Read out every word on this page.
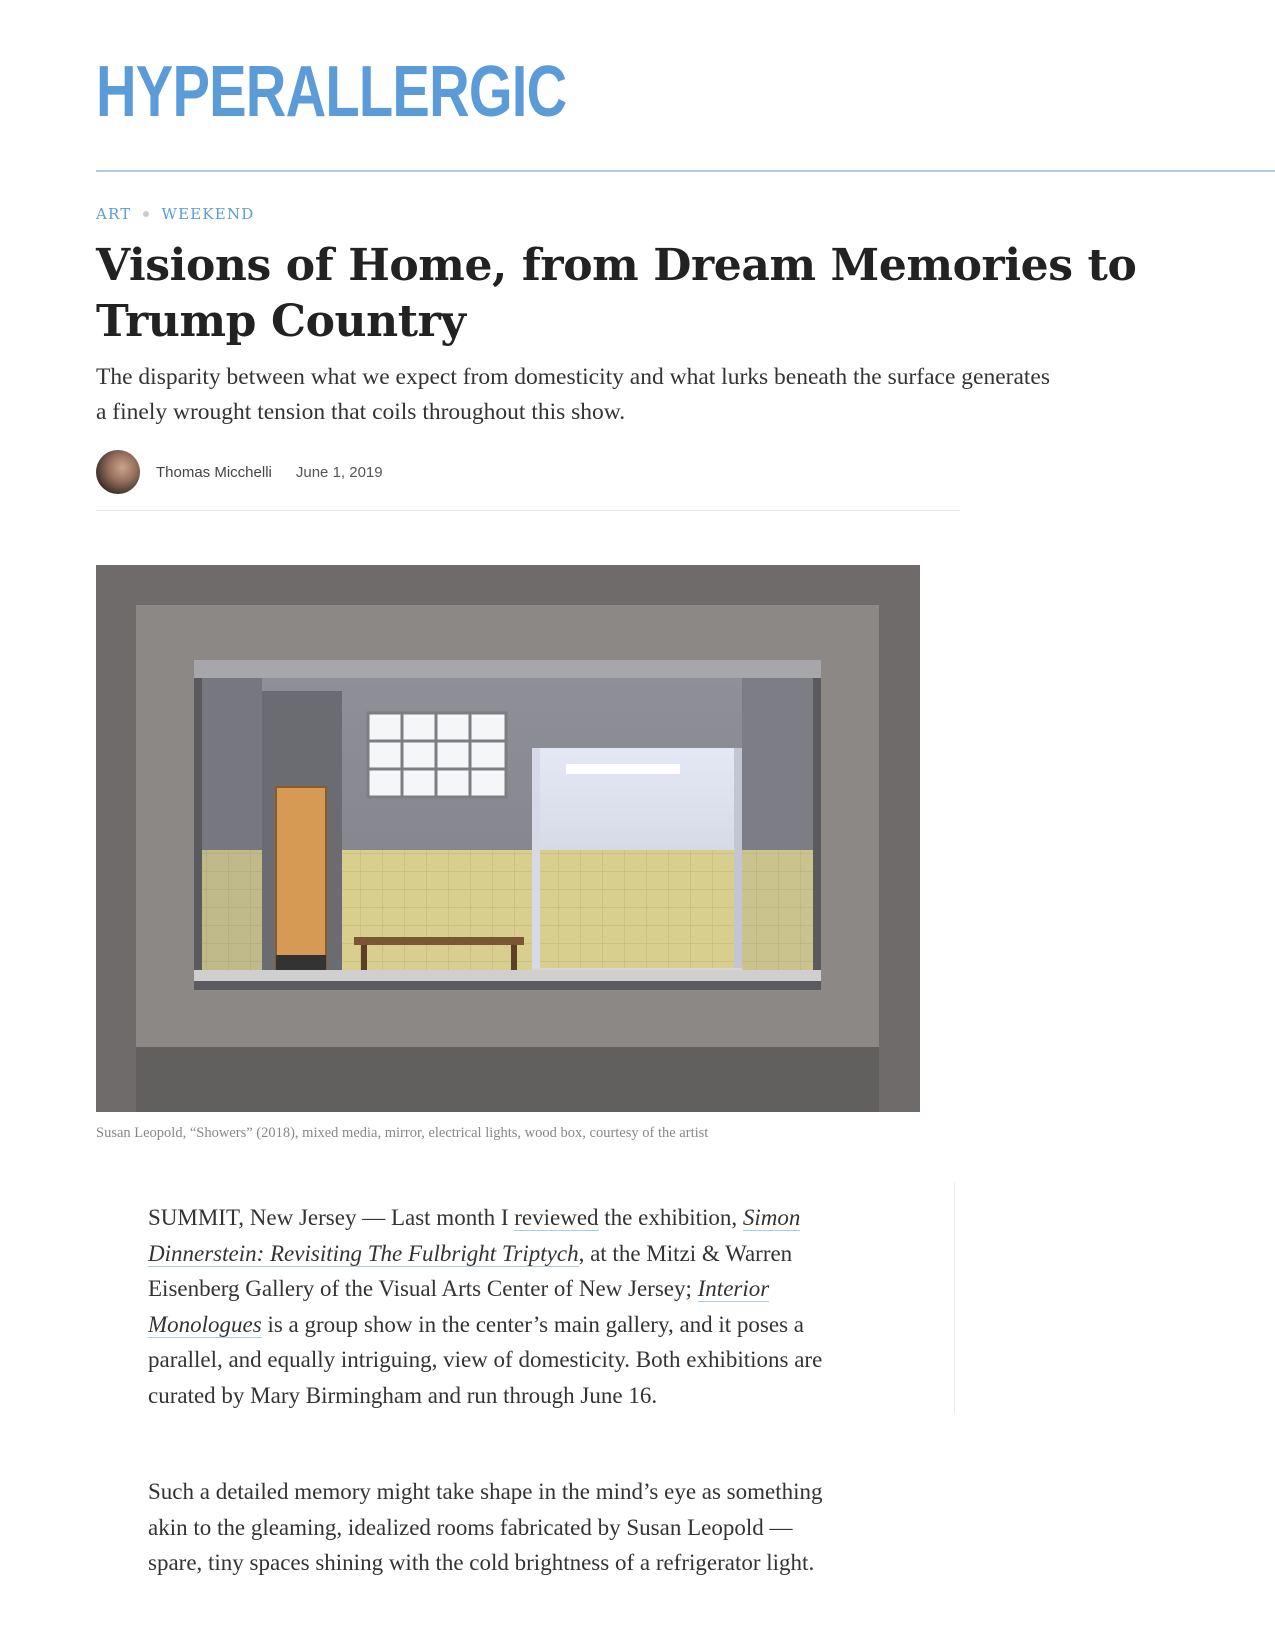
HYPERALLERGIC
ART WEEKEND
Visions of Home, from Dream Memories to Trump Country

The disparity between what we expect from domesticity and what lurks beneath the surface generates a finely wrought tension that coils throughout this show.

Thomas Micchelli June 1, 2019
Susan Leopold, “Showers” (2018), mixed media, mirror, electrical lights, wood box, courtesy of the artist

SUMMIT, New Jersey — Last month I reviewed the exhibition, Simon Dinnerstein: Revisiting The Fulbright Triptych, at the Mitzi & Warren Eisenberg Gallery of the Visual Arts Center of New Jersey; Interior Monologues is a group show in the center’s main gallery, and it poses a parallel, and equally intriguing, view of domesticity. Both exhibitions are curated by Mary Birmingham and run through June 16.

Such a detailed memory might take shape in the mind’s eye as something akin to the gleaming, idealized rooms fabricated by Susan Leopold — spare, tiny spaces shining with the cold brightness of a refrigerator light.
